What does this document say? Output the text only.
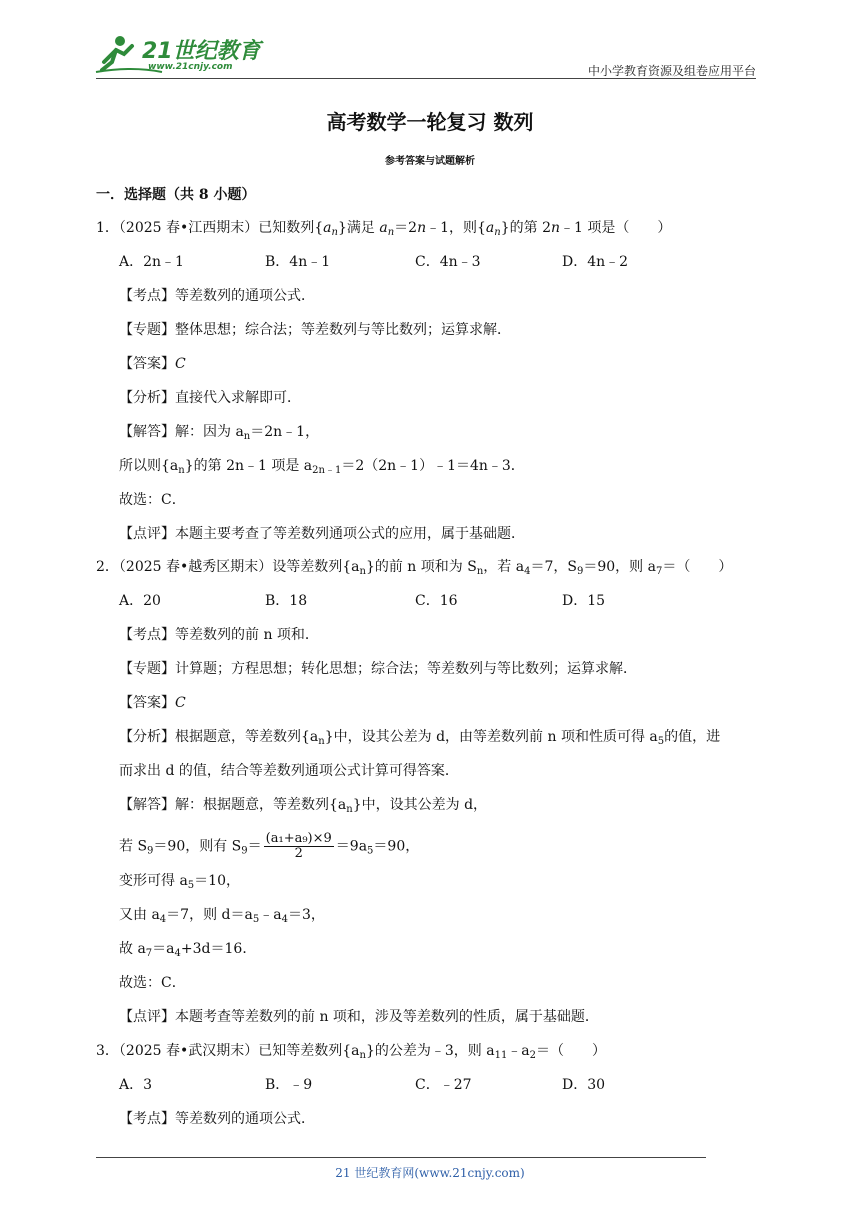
21世纪教育
www.21cnjy.com	中小学教育资源及组卷应用平台
高考数学一轮复习 数列
参考答案与试题解析
一．选择题（共 8 小题）
1．（2025 春•江西期末）已知数列$\{a_n\}$满足 $a_n=2n﹣1$，则$\{a_n\}$的第 2n﹣1 项是（　　）
A．2n﹣1	B．4n﹣1	C．4n﹣3	D．4n﹣2
【考点】等差数列的通项公式．
【专题】整体思想；综合法；等差数列与等比数列；运算求解．
【答案】C
【分析】直接代入求解即可．
【解答】解：因为 $a_n=2n﹣1$，
所以则$\{a_n\}$的第 2n﹣1 项是 $a_{2n﹣1}=2(2n﹣1)﹣1=4n﹣3$．
故选：C．
【点评】本题主要考查了等差数列通项公式的应用，属于基础题．
2．（2025 春•越秀区期末）设等差数列$\{a_n\}$的前 n 项和为 $S_n$，若 $a_4=7$，$S_9=90$，则 $a_7=$（　　）
A．20	B．18	C．16	D．15
【考点】等差数列的前 n 项和．
【专题】计算题；方程思想；转化思想；综合法；等差数列与等比数列；运算求解．
【答案】C
【分析】根据题意，等差数列$\{a_n\}$中，设其公差为 d，由等差数列前 n 项和性质可得 $a_5$的值，进
而求出 d 的值，结合等差数列通项公式计算可得答案．
【解答】解：根据题意，等差数列$\{a_n\}$中，设其公差为 d，
若 $S_9=90$，则有 $S_9= \frac{\text{(a₁+a₉)×9}}{2} =9a_5=90$，
变形可得 $a_5=10$，
又由 $a_4=7$，则 $d=a_5﹣a_4=3$，
故 $a_7=a_4+3d=16$．
故选：C．
【点评】本题考查等差数列的前 n 项和，涉及等差数列的性质，属于基础题．
3．（2025 春•武汉期末）已知等差数列$\{a_n\}$的公差为﹣3，则 $a_{11}﹣a_2=$（　　）
A．3	B．﹣9	C．﹣27	D．30
【考点】等差数列的通项公式．
21 世纪教育网(www.21cnjy.com)
